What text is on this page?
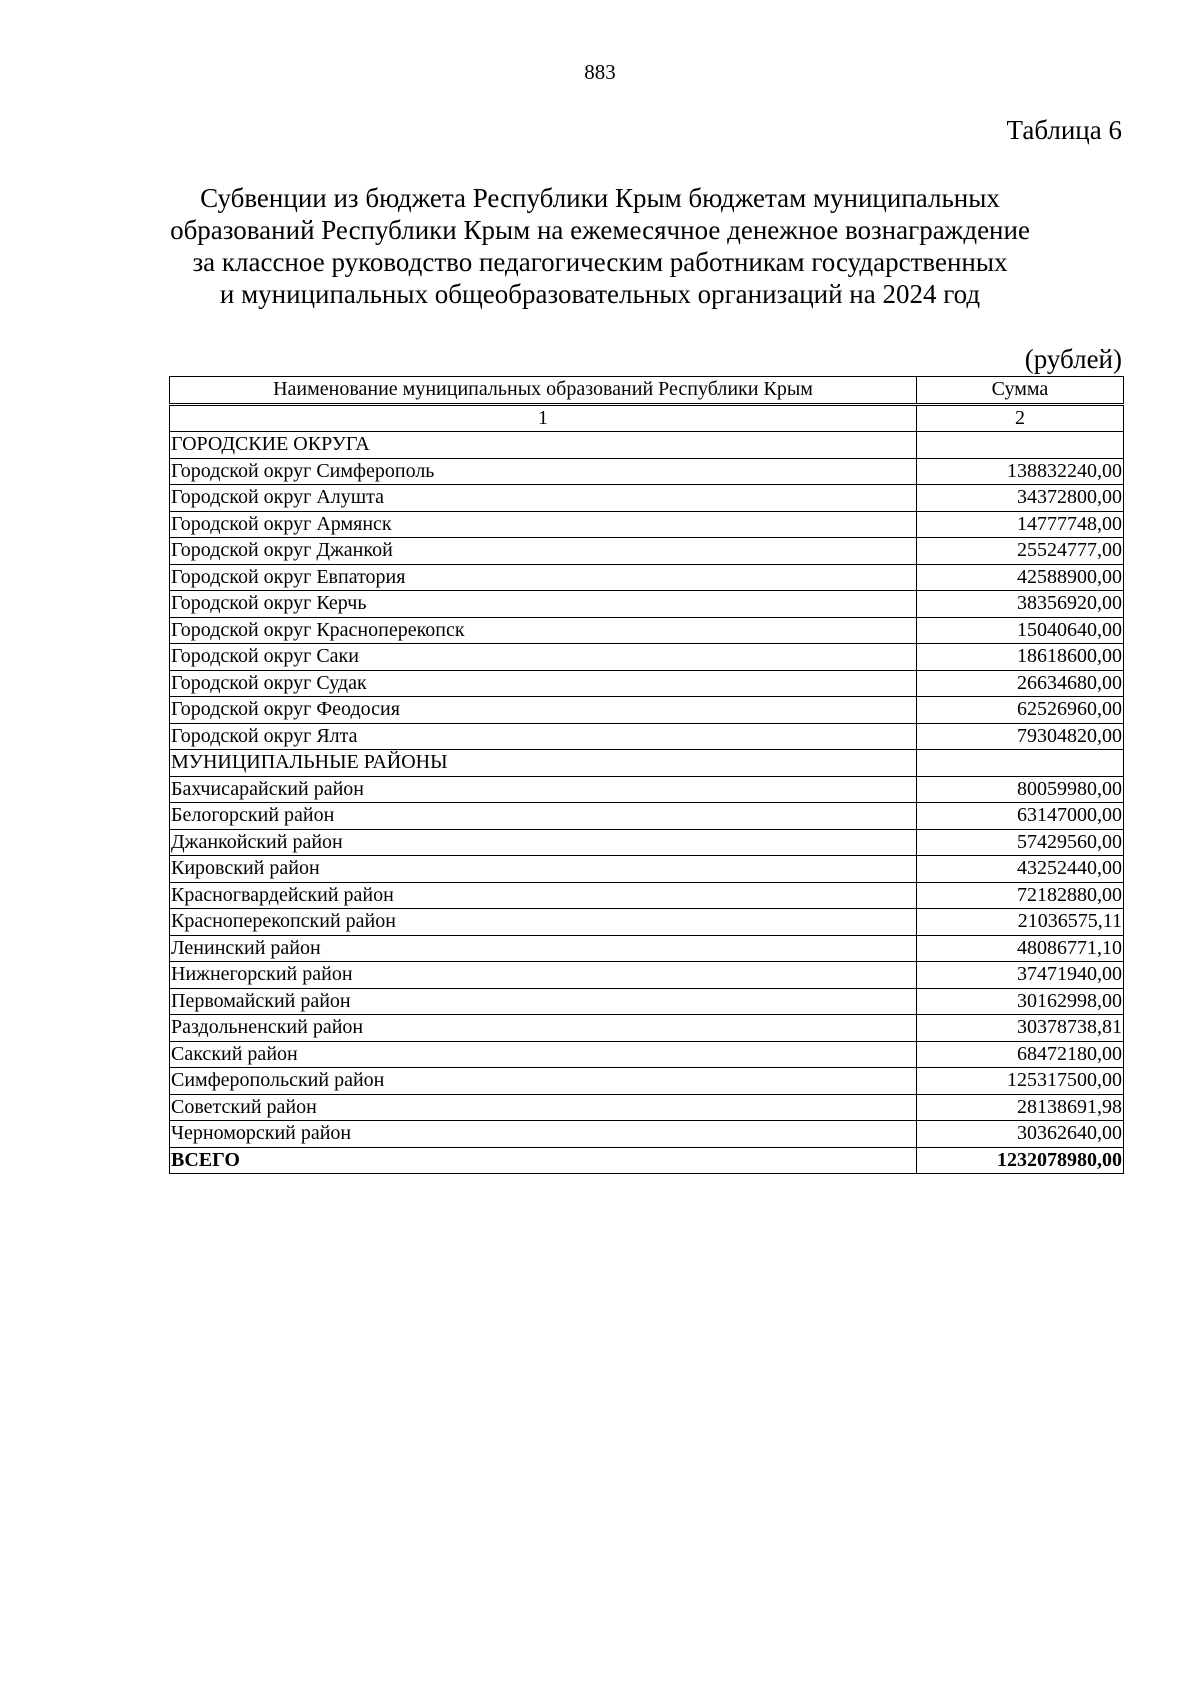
883
Таблица 6
Субвенции из бюджета Республики Крым бюджетам муниципальных
образований Республики Крым на ежемесячное денежное вознаграждение
за классное руководство педагогическим работникам государственных
и муниципальных общеобразовательных организаций на 2024 год
(рублей)
Наименование муниципальных образований Республики Крым	Сумма

1	2
ГОРОДСКИЕ ОКРУГА	
Городской округ Симферополь	138832240,00
Городской округ Алушта	34372800,00
Городской округ Армянск	14777748,00
Городской округ Джанкой	25524777,00
Городской округ Евпатория	42588900,00
Городской округ Керчь	38356920,00
Городской округ Красноперекопск	15040640,00
Городской округ Саки	18618600,00
Городской округ Судак	26634680,00
Городской округ Феодосия	62526960,00
Городской округ Ялта	79304820,00
МУНИЦИПАЛЬНЫЕ РАЙОНЫ	
Бахчисарайский район	80059980,00
Белогорский район	63147000,00
Джанкойский район	57429560,00
Кировский район	43252440,00
Красногвардейский район	72182880,00
Красноперекопский район	21036575,11
Ленинский район	48086771,10
Нижнегорский район	37471940,00
Первомайский район	30162998,00
Раздольненский район	30378738,81
Сакский район	68472180,00
Симферопольский район	125317500,00
Советский район	28138691,98
Черноморский район	30362640,00
ВСЕГО	1232078980,00
